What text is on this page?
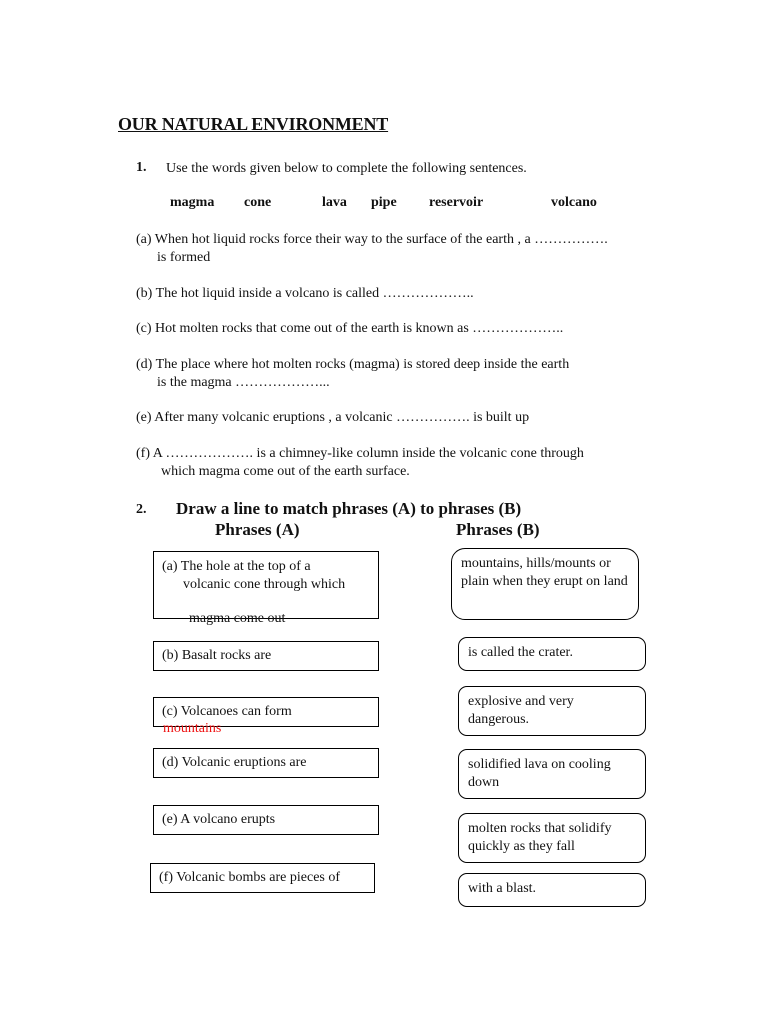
OUR NATURAL ENVIRONMENT
1. Use the words given below to complete the following sentences.
magma cone	lava pipe reservoir	volcano
(a) When hot liquid rocks force their way to the surface of the earth , a …………….
is formed
(b) The hot liquid inside a volcano is called ………………..
(c) Hot molten rocks that come out of the earth is known as ………………..
(d) The place where hot molten rocks (magma) is stored deep inside the earth
is the magma ………………...
(e) After many volcanic eruptions , a volcanic ……………. is built up
(f) A ………………. is a chimney-like column inside the volcanic cone through
which magma come out of the earth surface.
2. Draw a line to match phrases (A) to phrases (B)
Phrases (A)	Phrases (B)
(a) The hole at the top of a
volcanic cone through which
magma come out
(b) Basalt rocks are
(c) Volcanoes can form
mountains
(d) Volcanic eruptions are
(e) A volcano erupts
(f) Volcanic bombs are pieces of
mountains, hills/mounts or plain when they erupt on land
is called the crater.
explosive and very dangerous.
solidified lava on cooling down
molten rocks that solidify quickly as they fall
with a blast.
